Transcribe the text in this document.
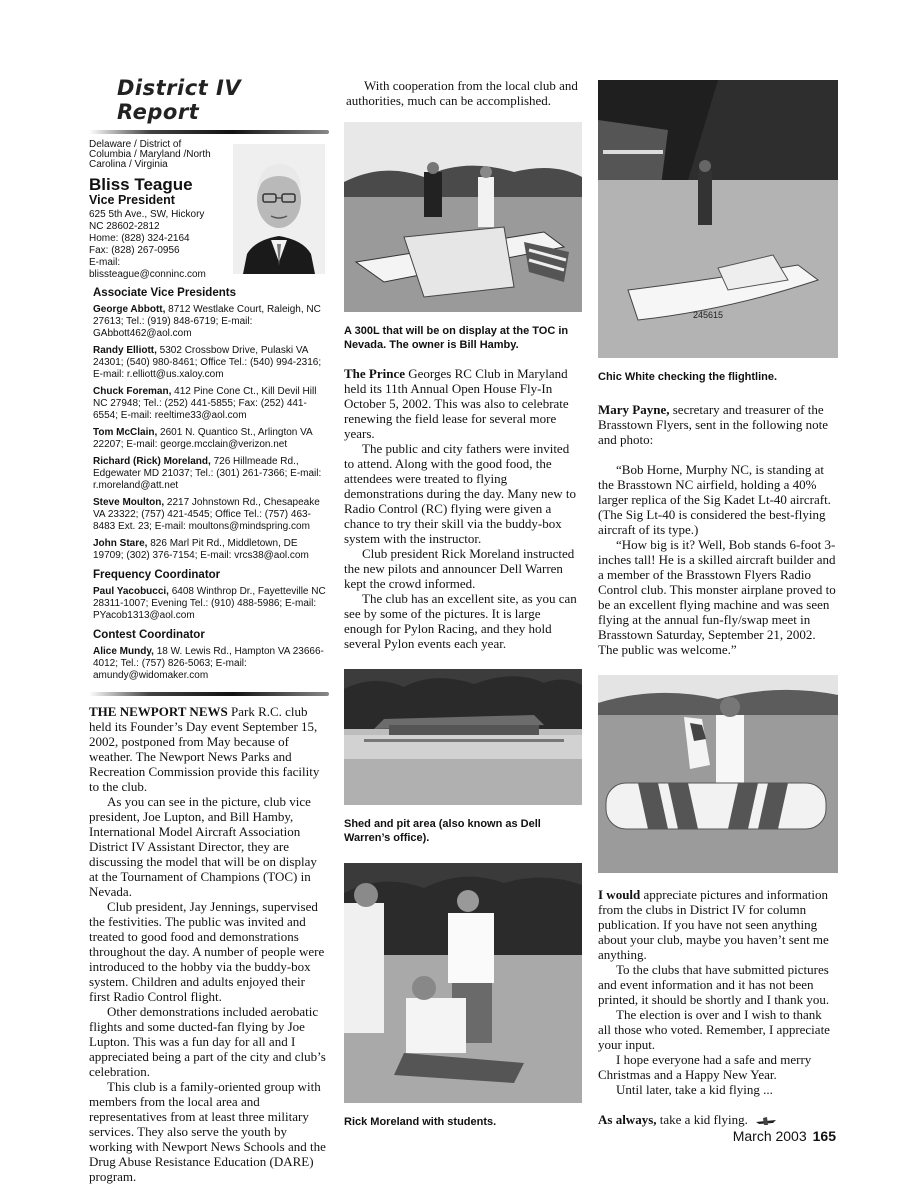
District IV Report
Delaware / District of Columbia / Maryland /North Carolina / Virginia
Bliss Teague
Vice President
625 5th Ave., SW, Hickory NC 28602-2812
Home: (828) 324-2164
Fax: (828) 267-0956
E-mail:
blissteague@conninc.com
Associate Vice Presidents
George Abbott, 8712 Westlake Court, Raleigh, NC 27613; Tel.: (919) 848-6719; E-mail: GAbbott462@aol.com
Randy Elliott, 5302 Crossbow Drive, Pulaski VA 24301; (540) 980-8461; Office Tel.: (540) 994-2316; E-mail: r.elliott@us.xaloy.com
Chuck Foreman, 412 Pine Cone Ct., Kill Devil Hill NC 27948; Tel.: (252) 441-5855; Fax: (252) 441-6554; E-mail: reeltime33@aol.com
Tom McClain, 2601 N. Quantico St., Arlington VA 22207; E-mail: george.mcclain@verizon.net
Richard (Rick) Moreland, 726 Hillmeade Rd., Edgewater MD 21037; Tel.: (301) 261-7366; E-mail: r.moreland@att.net
Steve Moulton, 2217 Johnstown Rd., Chesapeake VA 23322; (757) 421-4545; Office Tel.: (757) 463-8483 Ext. 23; E-mail: moultons@mindspring.com
John Stare, 826 Marl Pit Rd., Middletown, DE 19709; (302) 376-7154; E-mail: vrcs38@aol.com
Frequency Coordinator
Paul Yacobucci, 6408 Winthrop Dr., Fayetteville NC 28311-1007; Evening Tel.: (910) 488-5986; E-mail: PYacob1313@aol.com
Contest Coordinator
Alice Mundy, 18 W. Lewis Rd., Hampton VA 23666-4012; Tel.: (757) 826-5063; E-mail: amundy@widomaker.com

THE NEWPORT NEWS Park R.C. club held its Founder’s Day event September 15, 2002, postponed from May because of weather. The Newport News Parks and Recreation Commission provide this facility to the club.

As you can see in the picture, club vice president, Joe Lupton, and Bill Hamby, International Model Aircraft Association District IV Assistant Director, they are discussing the model that will be on display at the Tournament of Champions (TOC) in Nevada.

Club president, Jay Jennings, supervised the festivities. The public was invited and treated to good food and demonstrations throughout the day. A number of people were introduced to the hobby via the buddy-box system. Children and adults enjoyed their first Radio Control flight.

Other demonstrations included aerobatic flights and some ducted-fan flying by Joe Lupton. This was a fun day for all and I appreciated being a part of the city and club’s celebration.

This club is a family-oriented group with members from the local area and representatives from at least three military services. They also serve the youth by working with Newport News Schools and the Drug Abuse Resistance Education (DARE) program.

With cooperation from the local club and authorities, much can be accomplished.

A 300L that will be on display at the TOC in Nevada. The owner is Bill Hamby.

The Prince Georges RC Club in Maryland held its 11th Annual Open House Fly-In October 5, 2002. This was also to celebrate renewing the field lease for several more years.

The public and city fathers were invited to attend. Along with the good food, the attendees were treated to flying demonstrations during the day. Many new to Radio Control (RC) flying were given a chance to try their skill via the buddy-box system with the instructor.

Club president Rick Moreland instructed the new pilots and announcer Dell Warren kept the crowd informed.

The club has an excellent site, as you can see by some of the pictures. It is large enough for Pylon Racing, and they hold several Pylon events each year.

Shed and pit area (also known as Dell Warren’s office).
Rick Moreland with students.
245615
Chic White checking the flightline.

Mary Payne, secretary and treasurer of the Brasstown Flyers, sent in the following note and photo:

“Bob Horne, Murphy NC, is standing at the Brasstown NC airfield, holding a 40% larger replica of the Sig Kadet Lt-40 aircraft. (The Sig Lt-40 is considered the best-flying aircraft of its type.)

“How big is it? Well, Bob stands 6-foot 3-inches tall! He is a skilled aircraft builder and a member of the Brasstown Flyers Radio Control club. This monster airplane proved to be an excellent flying machine and was seen flying at the annual fun-fly/swap meet in Brasstown Saturday, September 21, 2002. The public was welcome.”

I would appreciate pictures and information from the clubs in District IV for column publication. If you have not seen anything about your club, maybe you haven’t sent me anything.

To the clubs that have submitted pictures and event information and it has not been printed, it should be shortly and I thank you.

The election is over and I wish to thank all those who voted. Remember, I appreciate your input.

I hope everyone had a safe and merry Christmas and a Happy New Year.

Until later, take a kid flying ...

As always, take a kid flying.

March 2003 165
